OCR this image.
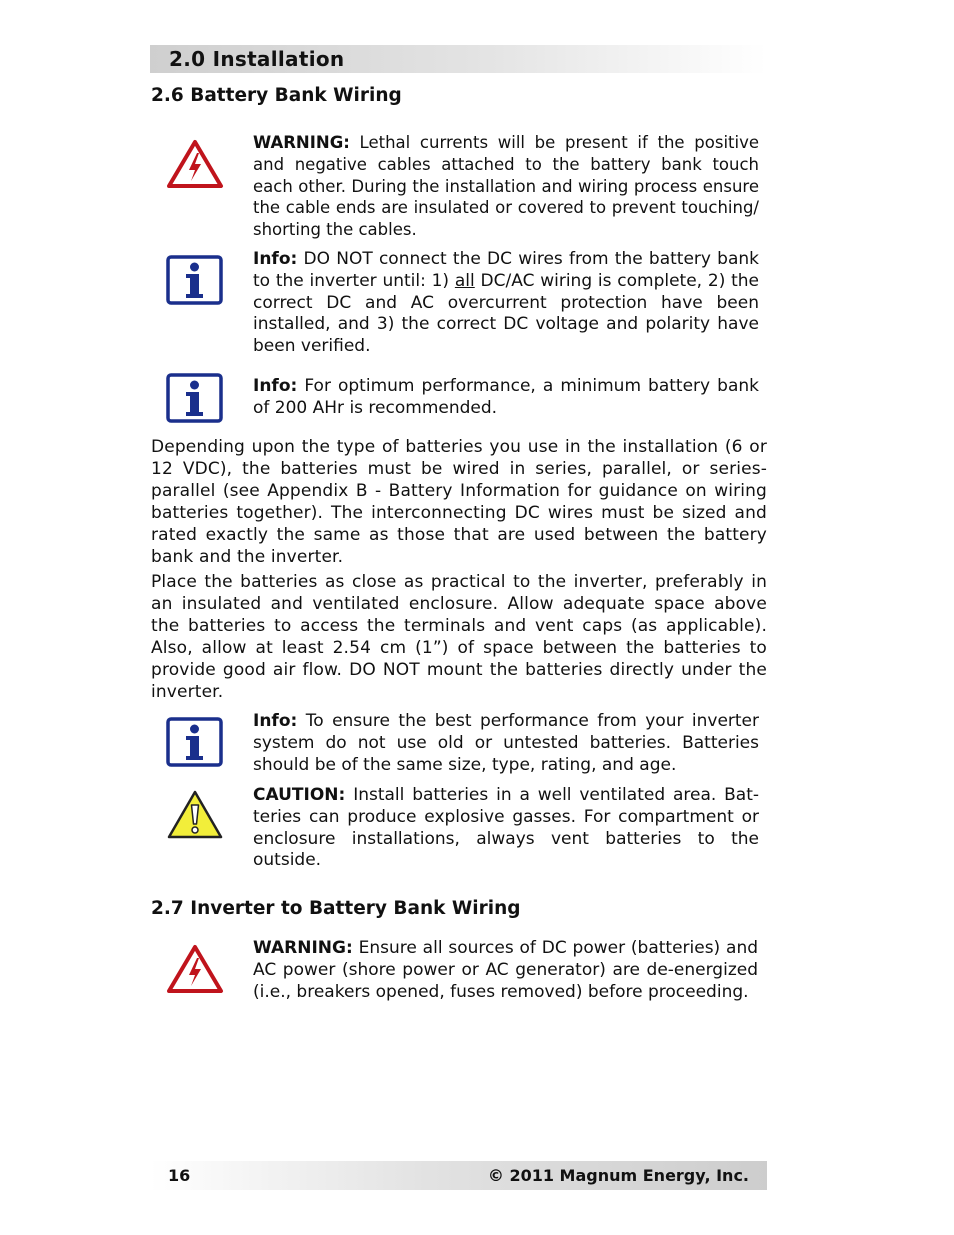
2.0 Installation
2.6 Battery Bank Wiring
WARNING: Lethal currents will be present if the positive and negative cables attached to the battery bank touch each other. During the installation and wiring process ensure the cable ends are insulated or covered to prevent touching/ shorting the cables.
Info: DO NOT connect the DC wires from the battery bank to the inverter until: 1) all DC/AC wiring is complete, 2) the correct DC and AC overcurrent protection have been installed, and 3) the correct DC voltage and polarity have been verified.
Info: For optimum performance, a minimum battery bank of 200 AHr is recommended.
Depending upon the type of batteries you use in the installation (6 or 12 VDC), the batteries must be wired in series, parallel, or series-parallel (see Appendix B - Battery Information for guidance on wiring batteries together). The interconnecting DC wires must be sized and rated exactly the same as those that are used between the battery bank and the inverter.
Place the batteries as close as practical to the inverter, preferably in an insulated and ventilated enclosure. Allow adequate space above the batteries to access the terminals and vent caps (as applicable). Also, allow at least 2.54 cm (1”) of space between the batteries to provide good air flow. DO NOT mount the batteries directly under the inverter.
Info: To ensure the best performance from your inverter system do not use old or untested batteries. Batteries should be of the same size, type, rating, and age.
CAUTION: Install batteries in a well ventilated area. Bat-teries can produce explosive gasses. For compartment or enclosure installations, always vent batteries to the outside.
2.7 Inverter to Battery Bank Wiring
WARNING: Ensure all sources of DC power (batteries) and AC power (shore power or AC generator) are de-energized (i.e., breakers opened, fuses removed) before proceeding.
16	© 2011 Magnum Energy, Inc.
